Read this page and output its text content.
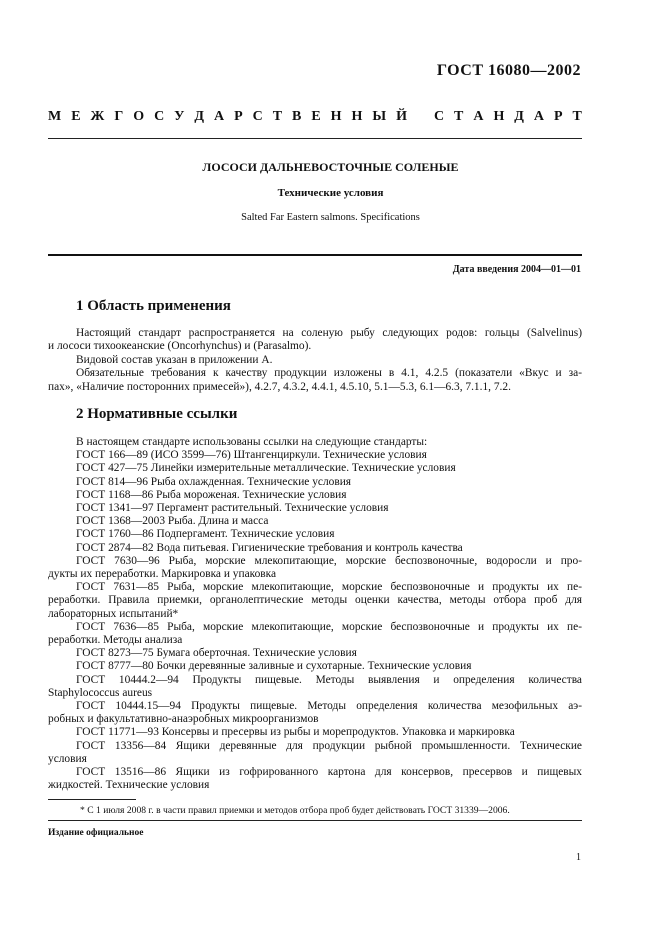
ГОСТ 16080—2002
М Е Ж Г О С У Д А Р С Т В Е Н Н Ы Й
С Т А Н Д А Р Т
ЛОСОСИ ДАЛЬНЕВОСТОЧНЫЕ СОЛЕНЫЕ
Технические условия
Salted Far Eastern salmons. Specifications
Дата введения 2004—01—01
1 Область применения
Настоящий стандарт распространяется на соленую рыбу следующих родов: гольцы (Salvelinus)
и лососи тихоокеанские (Oncorhynchus) и (Parasalmo).
Видовой состав указан в приложении А.
Обязательные требования к качеству продукции изложены в 4.1, 4.2.5 (показатели «Вкус и за-
пах», «Наличие посторонних примесей»), 4.2.7, 4.3.2, 4.4.1, 4.5.10, 5.1—5.3, 6.1—6.3, 7.1.1, 7.2.
2 Нормативные ссылки
В настоящем стандарте использованы ссылки на следующие стандарты:
ГОСТ 166—89 (ИСО 3599—76) Штангенциркули. Технические условия
ГОСТ 427—75 Линейки измерительные металлические. Технические условия
ГОСТ 814—96 Рыба охлажденная. Технические условия
ГОСТ 1168—86 Рыба мороженая. Технические условия
ГОСТ 1341—97 Пергамент растительный. Технические условия
ГОСТ 1368—2003 Рыба. Длина и масса
ГОСТ 1760—86 Подпергамент. Технические условия
ГОСТ 2874—82 Вода питьевая. Гигиенические требования и контроль качества
ГОСТ 7630—96 Рыба, морские млекопитающие, морские беспозвоночные, водоросли и про-
дукты их переработки. Маркировка и упаковка
ГОСТ 7631—85 Рыба, морские млекопитающие, морские беспозвоночные и продукты их пе-
реработки. Правила приемки, органолептические методы оценки качества, методы отбора проб для
лабораторных испытаний*
ГОСТ 7636—85 Рыба, морские млекопитающие, морские беспозвоночные и продукты их пе-
реработки. Методы анализа
ГОСТ 8273—75 Бумага оберточная. Технические условия
ГОСТ 8777—80 Бочки деревянные заливные и сухотарные. Технические условия
ГОСТ 10444.2—94 Продукты пищевые. Методы выявления и определения количества
Staphylococcus aureus
ГОСТ 10444.15—94 Продукты пищевые. Методы определения количества мезофильных аэ-
робных и факультативно-анаэробных микроорганизмов
ГОСТ 11771—93 Консервы и пресервы из рыбы и морепродуктов. Упаковка и маркировка
ГОСТ 13356—84 Ящики деревянные для продукции рыбной промышленности. Технические
условия
ГОСТ 13516—86 Ящики из гофрированного картона для консервов, пресервов и пищевых
жидкостей. Технические условия
* С 1 июля 2008 г. в части правил приемки и методов отбора проб будет действовать ГОСТ 31339—2006.
Издание официальное
1
